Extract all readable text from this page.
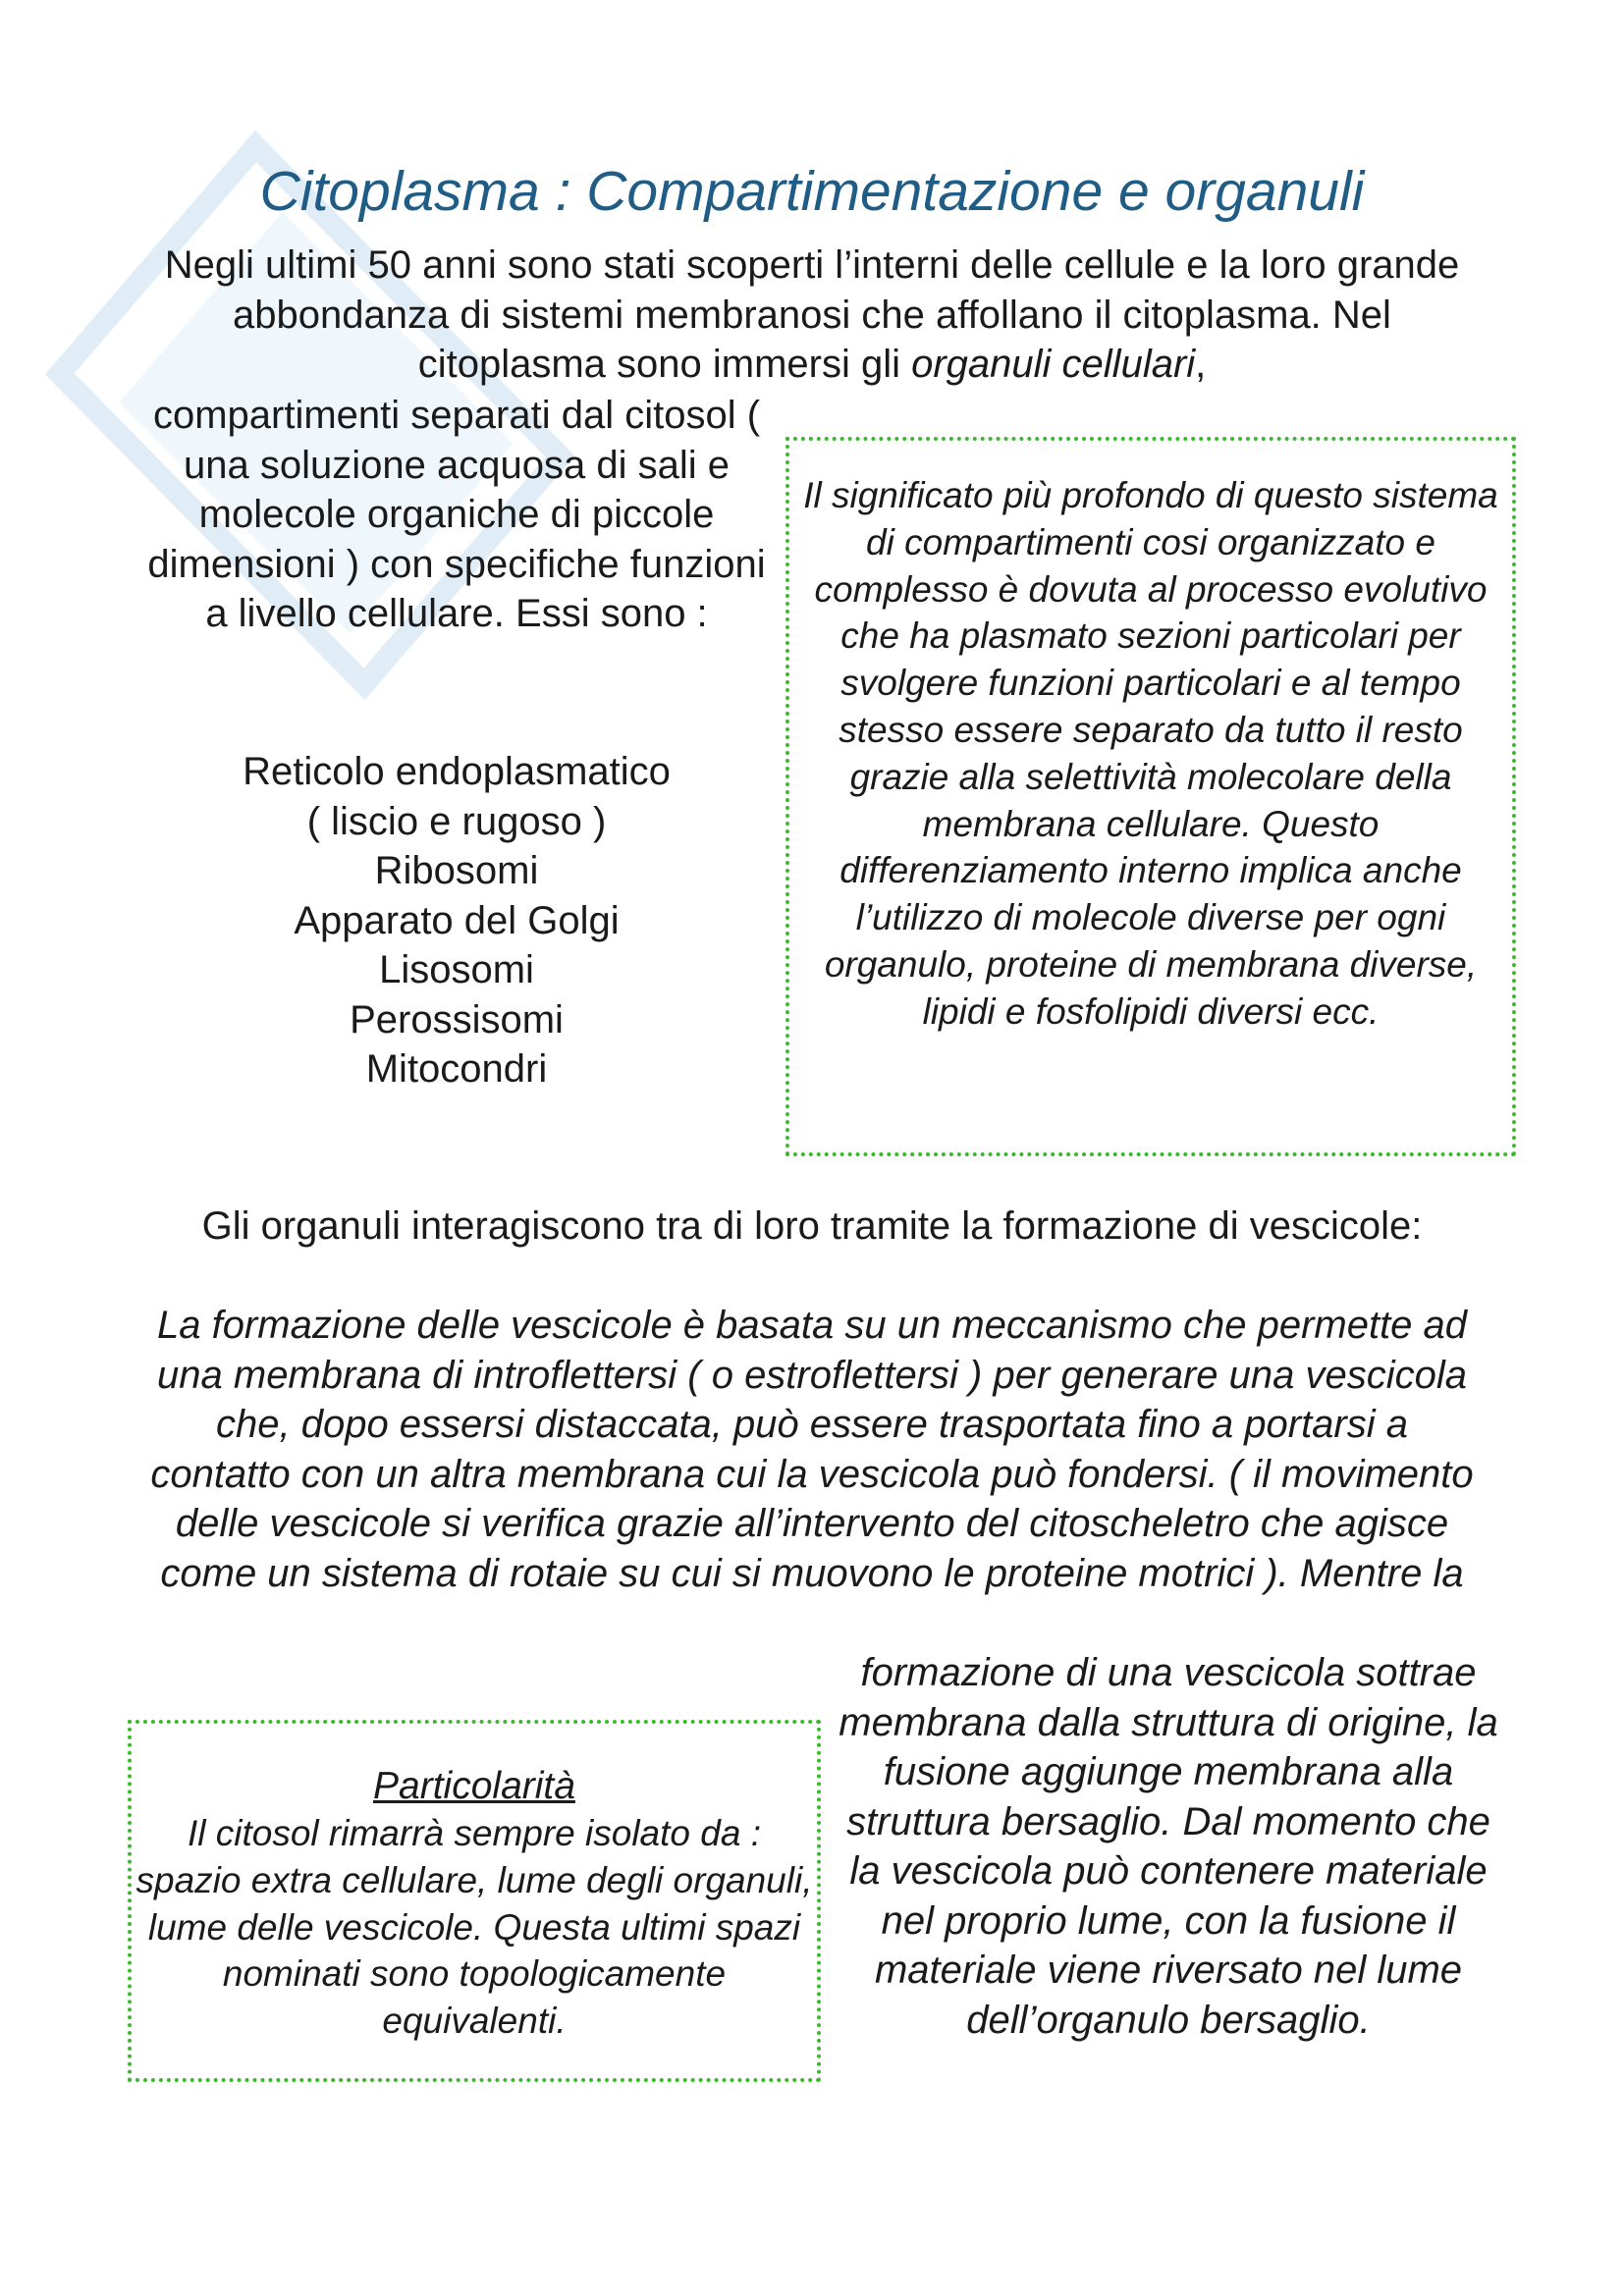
Citoplasma : Compartimentazione e organuli

Negli ultimi 50 anni sono stati scoperti l’interni delle cellule e la loro grande abbondanza di sistemi membranosi che affollano il citoplasma. Nel citoplasma sono immersi gli organuli cellulari,

compartimenti separati dal citosol ( una soluzione acquosa di sali e molecole organiche di piccole dimensioni ) con specifiche funzioni a livello cellulare. Essi sono :

Reticolo endoplasmatico
( liscio e rugoso )
Ribosomi
Apparato del Golgi
Lisosomi
Perossisomi
Mitocondri

Il significato più profondo di questo sistema di compartimenti cosi organizzato e complesso è dovuta al processo evolutivo che ha plasmato sezioni particolari per svolgere funzioni particolari e al tempo stesso essere separato da tutto il resto grazie alla selettività molecolare della membrana cellulare. Questo differenziamento interno implica anche l’utilizzo di molecole diverse per ogni organulo, proteine di membrana diverse, lipidi e fosfolipidi diversi ecc.

Gli organuli interagiscono tra di loro tramite la formazione di vescicole:

La formazione delle vescicole è basata su un meccanismo che permette ad una membrana di introflettersi ( o estroflettersi ) per generare una vescicola che, dopo essersi distaccata, può essere trasportata fino a portarsi a contatto con un altra membrana cui la vescicola può fondersi. ( il movimento delle vescicole si verifica grazie all’intervento del citoscheletro che agisce come un sistema di rotaie su cui si muovono le proteine motrici ). Mentre la

formazione di una vescicola sottrae membrana dalla struttura di origine, la fusione aggiunge membrana alla struttura bersaglio. Dal momento che la vescicola può contenere materiale nel proprio lume, con la fusione il materiale viene riversato nel lume dell’organulo bersaglio.

Particolarità

Il citosol rimarrà sempre isolato da : spazio extra cellulare, lume degli organuli, lume delle vescicole. Questa ultimi spazi nominati sono topologicamente equivalenti.
